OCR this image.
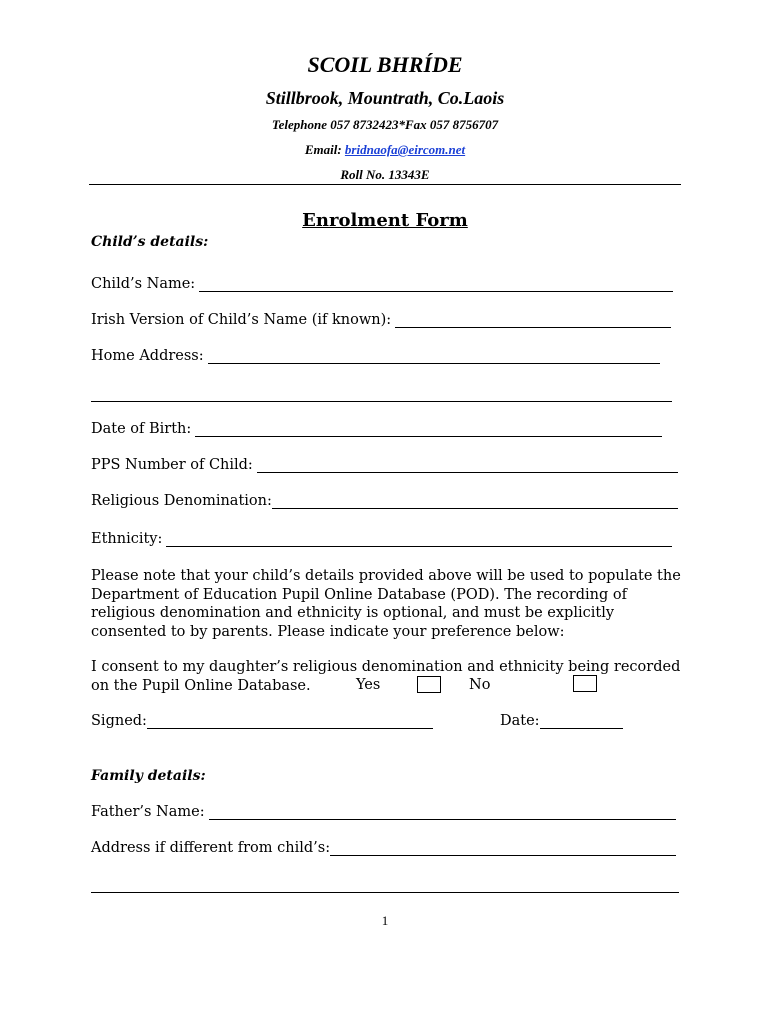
SCOIL BHRÍDE
Stillbrook, Mountrath, Co.Laois
Telephone 057 8732423*Fax 057 8756707
Email: bridnaofa@eircom.net
Roll No. 13343E
Enrolment Form
Child’s details:
Child’s Name:
Irish Version of Child’s Name (if known):
Home Address:
Date of Birth:
PPS Number of Child:
Religious Denomination:
Ethnicity:
Please note that your child’s details provided above will be used to populate the
Department of Education Pupil Online Database (POD). The recording of
religious denomination and ethnicity is optional, and must be explicitly
consented to by parents. Please indicate your preference below:
I consent to my daughter’s religious denomination and ethnicity being recorded
on the Pupil Online Database.	Yes	No
Signed:	Date:
Family details:
Father’s Name:
Address if different from child’s:
1
